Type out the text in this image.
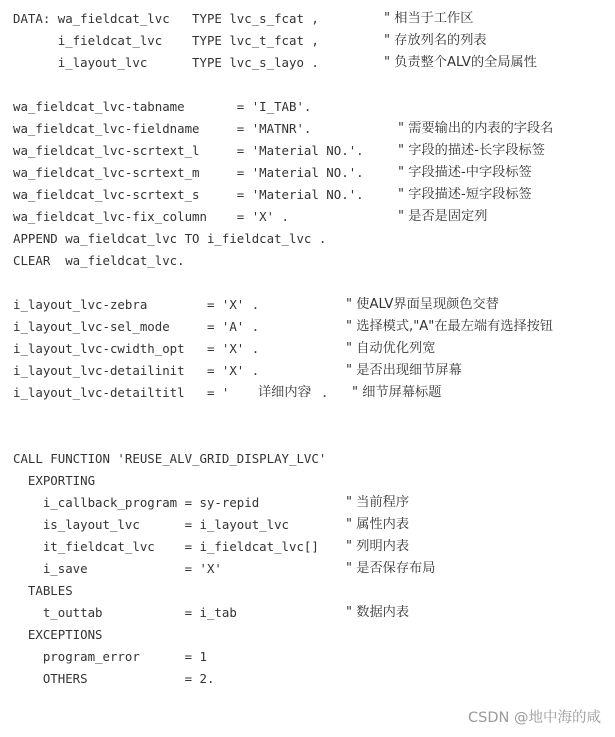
DATA: wa_fieldcat_lvc   TYPE lvc_s_fcat ,	" 相当于工作区
i_fieldcat_lvc    TYPE lvc_t_fcat ,	" 存放列名的列表
i_layout_lvc      TYPE lvc_s_layo .	" 负责整个ALV的全局属性
wa_fieldcat_lvc-tabname       = 'I_TAB'.
wa_fieldcat_lvc-fieldname     = 'MATNR'.	" 需要输出的内表的字段名
wa_fieldcat_lvc-scrtext_l     = 'Material NO.'.	" 字段的描述-长字段标签
wa_fieldcat_lvc-scrtext_m     = 'Material NO.'.	" 字段描述-中字段标签
wa_fieldcat_lvc-scrtext_s     = 'Material NO.'.	" 字段描述-短字段标签
wa_fieldcat_lvc-fix_column    = 'X' .	" 是否是固定列
APPEND wa_fieldcat_lvc TO i_fieldcat_lvc .
CLEAR  wa_fieldcat_lvc.
i_layout_lvc-zebra        = 'X' .	" 使ALV界面呈现颜色交替
i_layout_lvc-sel_mode     = 'A' .	" 选择模式,"A"在最左端有选择按钮
i_layout_lvc-cwidth_opt   = 'X' .	" 自动优化列宽
i_layout_lvc-detailinit   = 'X' .	" 是否出现细节屏幕
i_layout_lvc-detailtitl   = ' 详细内容
' . " 细节屏幕标题
CALL FUNCTION 'REUSE_ALV_GRID_DISPLAY_LVC'
EXPORTING
i_callback_program = sy-repid	" 当前程序
is_layout_lvc      = i_layout_lvc	" 属性内表
it_fieldcat_lvc    = i_fieldcat_lvc[] " 列明内表
i_save             = 'X'	" 是否保存布局
TABLES
t_outtab           = i_tab	" 数据内表
EXCEPTIONS
program_error      = 1
OTHERS             = 2.
CSDN @地中海的咸
